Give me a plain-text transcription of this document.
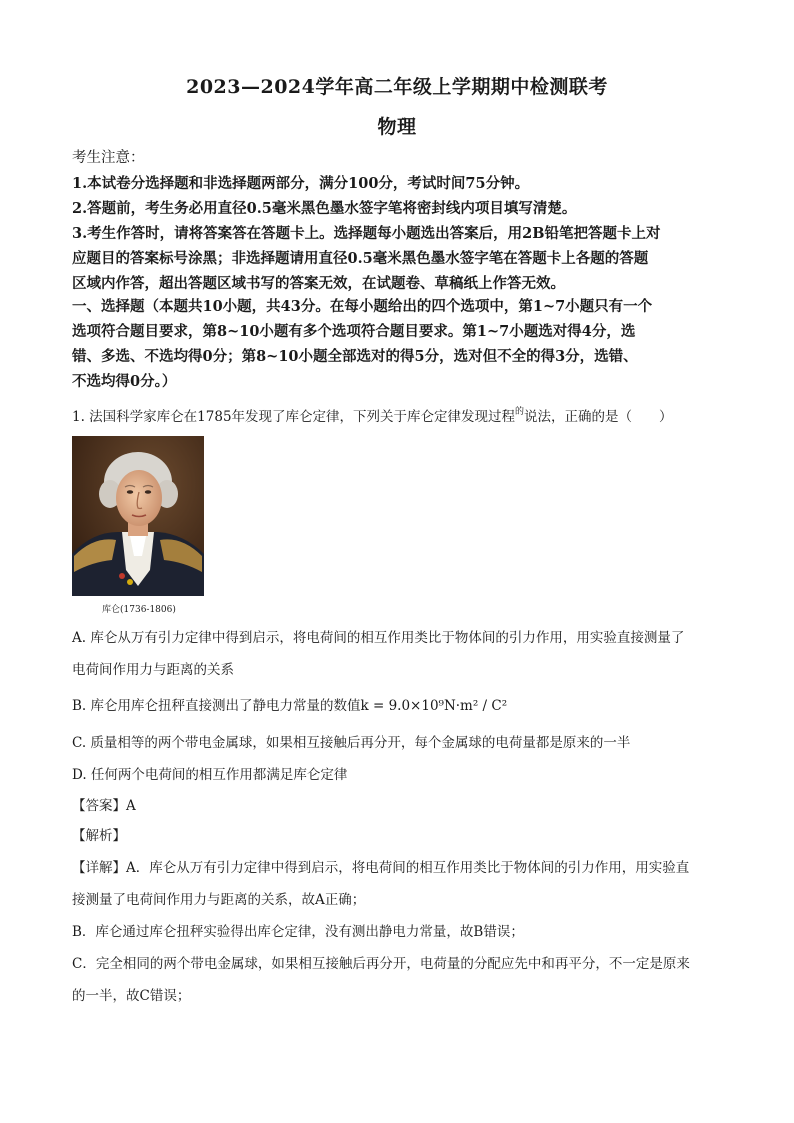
2023—2024学年高二年级上学期期中检测联考
物理
考生注意：
1.本试卷分选择题和非选择题两部分，满分100分，考试时间75分钟。
2.答题前，考生务必用直径0.5毫米黑色墨水签字笔将密封线内项目填写清楚。
3.考生作答时，请将答案答在答题卡上。选择题每小题选出答案后，用2B铅笔把答题卡上对
应题目的答案标号涂黑；非选择题请用直径0.5毫米黑色墨水签字笔在答题卡上各题的答题
区域内作答，超出答题区域书写的答案无效，在试题卷、草稿纸上作答无效。
一、选择题（本题共10小题，共43分。在每小题给出的四个选项中，第1~7小题只有一个
选项符合题目要求，第8~10小题有多个选项符合题目要求。第1~7小题选对得4分，选
错、多选、不选均得0分；第8~10小题全部选对的得5分，选对但不全的得3分，选错、
不选均得0分。）
1. 法国科学家库仑在1785年发现了库仑定律，下列关于库仑定律发现过程$^的$说法，正确的是（　　）
库仑(1736-1806)
A. 库仑从万有引力定律中得到启示，将电荷间的相互作用类比于物体间的引力作用，用实验直接测量了
电荷间作用力与距离的关系
B. 库仑用库仑扭秤直接测出了静电力常量的数值k = 9.0×10⁹N·m² / C²
C. 质量相等的两个带电金属球，如果相互接触后再分开，每个金属球的电荷量都是原来的一半
D. 任何两个电荷间的相互作用都满足库仑定律
【答案】A
【解析】
【详解】A．库仑从万有引力定律中得到启示，将电荷间的相互作用类比于物体间的引力作用，用实验直
接测量了电荷间作用力与距离的关系，故A正确；
B．库仑通过库仑扭秤实验得出库仑定律，没有测出静电力常量，故B错误；
C．完全相同的两个带电金属球，如果相互接触后再分开，电荷量的分配应先中和再平分，不一定是原来
的一半，故C错误；
